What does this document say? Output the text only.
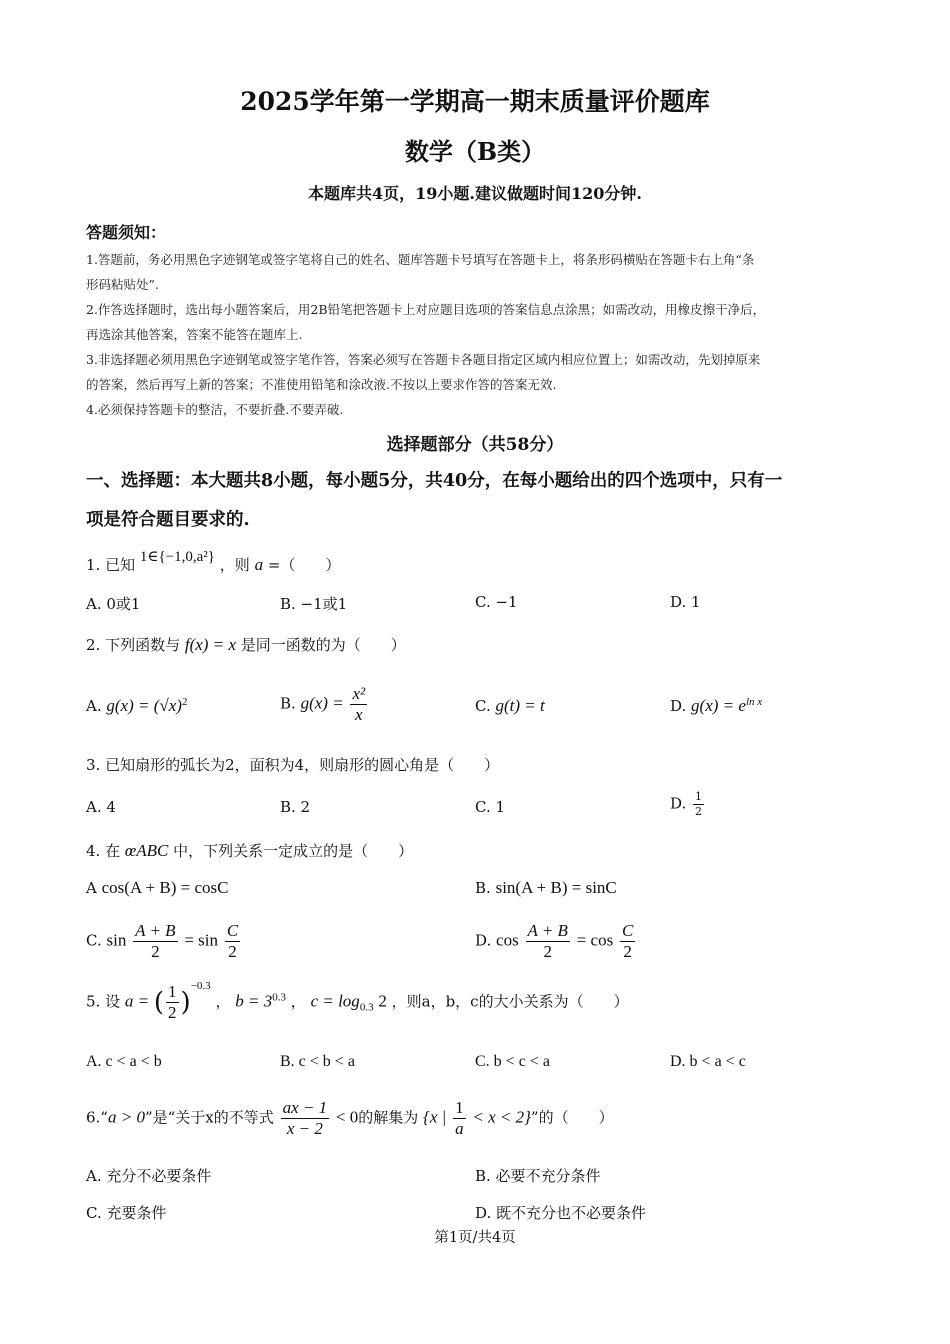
2025学年第一学期高一期末质量评价题库
数学（B类）
本题库共4页，19小题.建议做题时间120分钟.
答题须知：
1.答题前，务必用黑色字迹钢笔或签字笔将自己的姓名、题库答题卡号填写在答题卡上，将条形码横贴在答题卡右上角“条
形码粘贴处”.
2.作答选择题时，选出每小题答案后，用2B铅笔把答题卡上对应题目选项的答案信息点涂黑；如需改动，用橡皮擦干净后，
再选涂其他答案，答案不能答在题库上.
3.非选择题必须用黑色字迹钢笔或签字笔作答，答案必须写在答题卡各题目指定区域内相应位置上；如需改动，先划掉原来
的答案，然后再写上新的答案；不准使用铅笔和涂改液.不按以上要求作答的答案无效.
4.必须保持答题卡的整洁，不要折叠.不要弄破.
选择题部分（共58分）
一、选择题：本大题共8小题，每小题5分，共40分，在每小题给出的四个选项中，只有一
项是符合题目要求的.
1. 已知 1∈{−1,0,a²} ，则 a =（　　）
A. 0或1	B. −1或1	C. −1	D. 1
2. 下列函数与 f(x) = x 是同一函数的为（　　）
A. $g(x) = (√x)^2$	B. $g(x) = \frac{\text{x²}}{x}$	C. g(t) = t	D. $g(x) = e^{ln x}$
3. 已知扇形的弧长为2，面积为4，则扇形的圆心角是（　　）
A. 4	B. 2	C. 1	D. $\frac{1}{2}$
4. 在 œABC 中，下列关系一定成立的是（　　）
A cos(A + B) = cosC	B. sin(A + B) = sinC
C. $\sin \frac{A + B}{2} = \sin \frac{C}{2}$	D. $\cos \frac{A + B}{2} = \cos \frac{C}{2}$
5. 设 a = ( $\frac{1}{2} )^{-0.3}$ ， $b = 3^{0.3}$ ， $c = \log_{0.3} 2$ ，则a，b，c的大小关系为（　　）
A. c < a < b	B. c < b < a	C. b < c < a	D. b < a < c
6.“a > 0”是“关于x的不等式 $\frac{ax - 1}{x - 2} < 0$的解集为 {x | $\frac{1}{a} < x < 2$}”的（　　）
A. 充分不必要条件	B. 必要不充分条件
C. 充要条件	D. 既不充分也不必要条件
第1页/共4页
